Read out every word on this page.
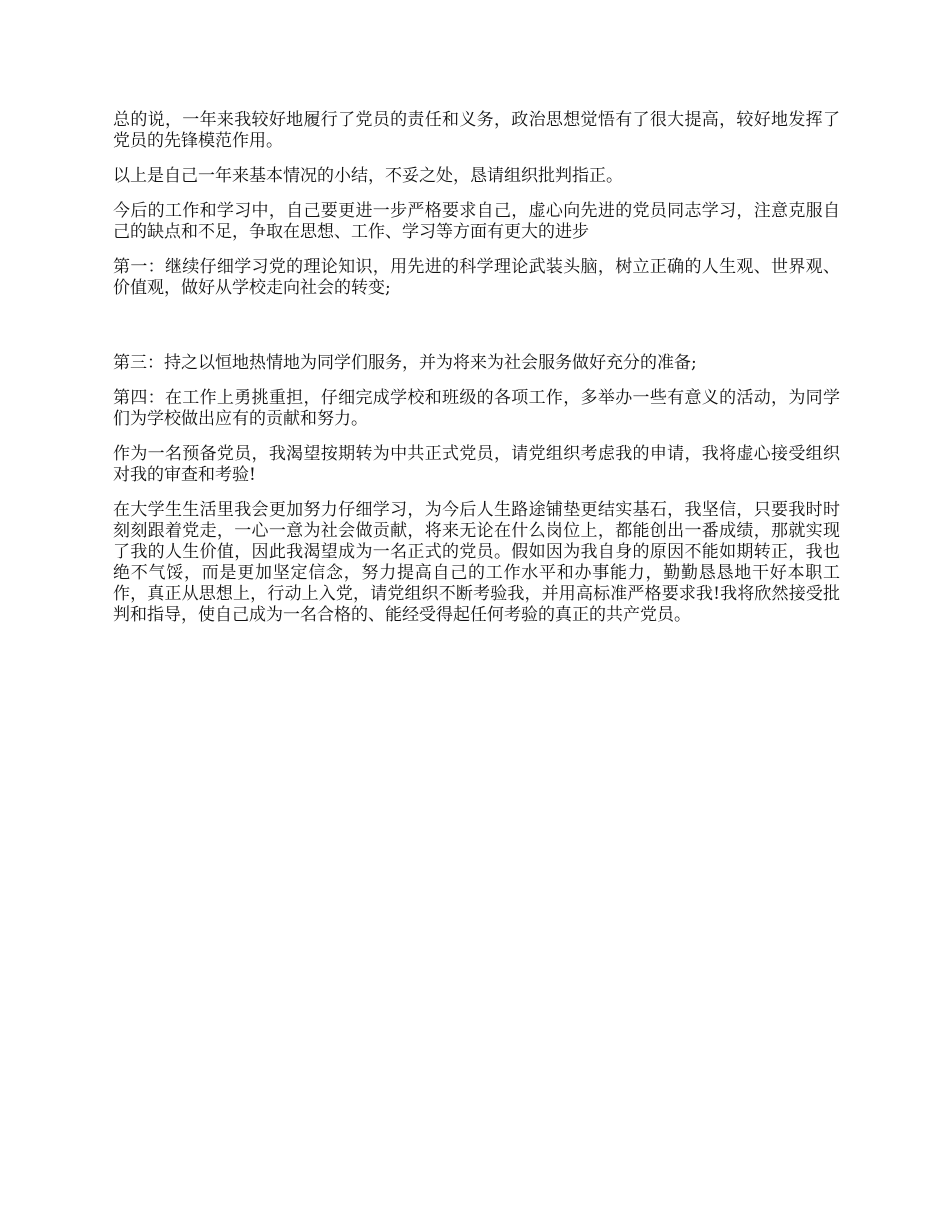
总的说，一年来我较好地履行了党员的责任和义务，政治思想觉悟有了很大提高，较好地发挥了党员的先锋模范作用。

以上是自己一年来基本情况的小结，不妥之处，恳请组织批判指正。

今后的工作和学习中，自己要更进一步严格要求自己，虚心向先进的党员同志学习，注意克服自己的缺点和不足，争取在思想、工作、学习等方面有更大的进步

第一：继续仔细学习党的理论知识，用先进的科学理论武装头脑，树立正确的人生观、世界观、价值观，做好从学校走向社会的转变;

第三：持之以恒地热情地为同学们服务，并为将来为社会服务做好充分的准备;

第四：在工作上勇挑重担，仔细完成学校和班级的各项工作，多举办一些有意义的活动，为同学们为学校做出应有的贡献和努力。

作为一名预备党员，我渴望按期转为中共正式党员，请党组织考虑我的申请，我将虚心接受组织对我的审查和考验!

在大学生生活里我会更加努力仔细学习，为今后人生路途铺垫更结实基石，我坚信，只要我时时刻刻跟着党走，一心一意为社会做贡献，将来无论在什么岗位上，都能创出一番成绩，那就实现了我的人生价值，因此我渴望成为一名正式的党员。假如因为我自身的原因不能如期转正，我也绝不气馁，而是更加坚定信念，努力提高自己的工作水平和办事能力，勤勤恳恳地干好本职工作，真正从思想上，行动上入党，请党组织不断考验我，并用高标准严格要求我!我将欣然接受批判和指导，使自己成为一名合格的、能经受得起任何考验的真正的共产党员。
